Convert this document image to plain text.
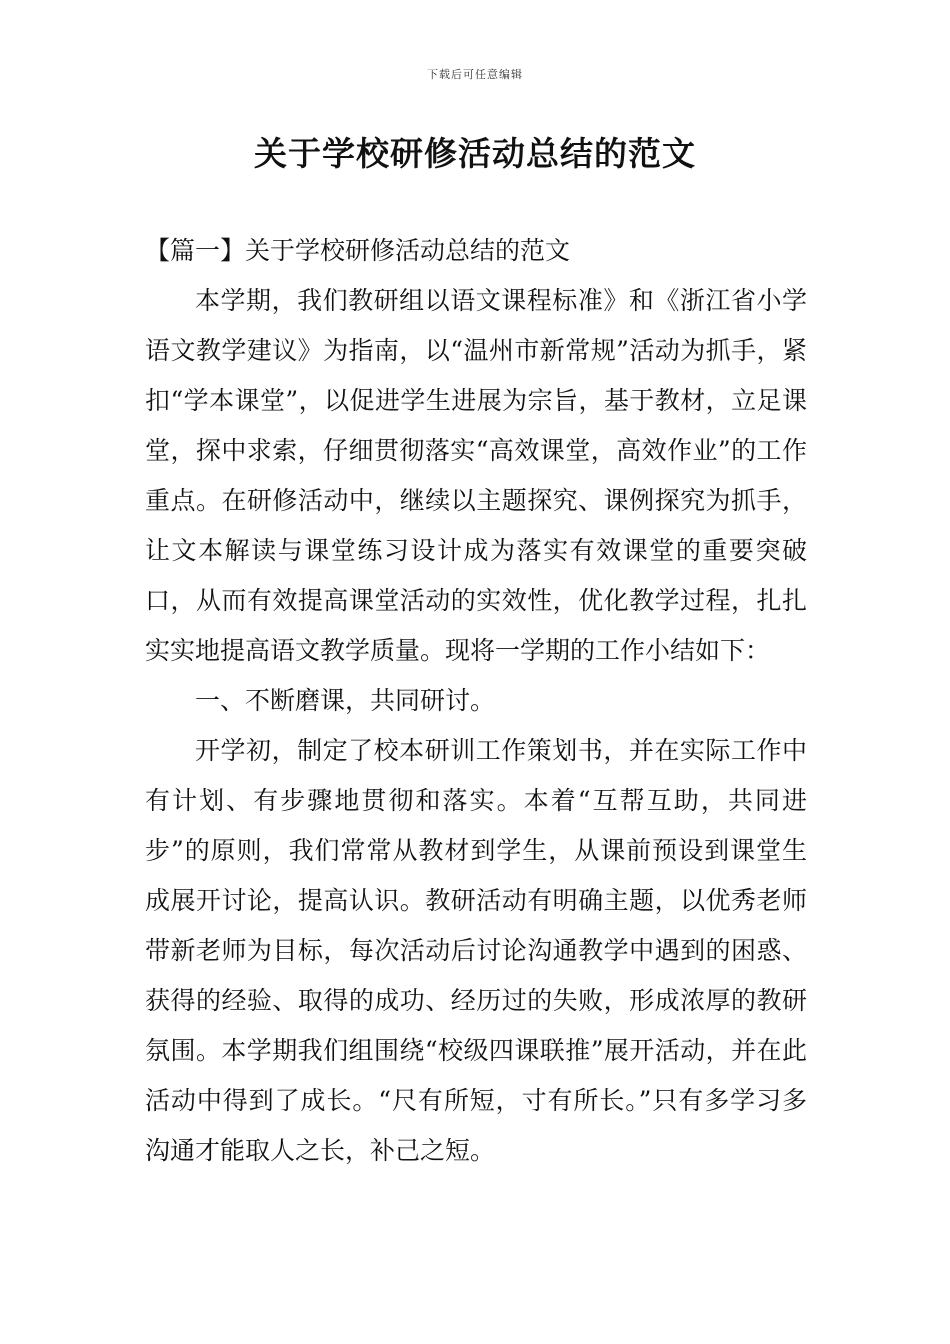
下载后可任意编辑
关于学校研修活动总结的范文

【篇一】关于学校研修活动总结的范文

本学期，我们教研组以语文课程标准》和《浙江省小学语文教学建议》为指南，以“温州市新常规”活动为抓手，紧扣“学本课堂”，以促进学生进展为宗旨，基于教材，立足课堂，探中求索，仔细贯彻落实“高效课堂，高效作业”的工作重点。在研修活动中，继续以主题探究、课例探究为抓手，让文本解读与课堂练习设计成为落实有效课堂的重要突破口，从而有效提高课堂活动的实效性，优化教学过程，扎扎实实地提高语文教学质量。现将一学期的工作小结如下：

一、不断磨课，共同研讨。

开学初，制定了校本研训工作策划书，并在实际工作中有计划、有步骤地贯彻和落实。本着“互帮互助，共同进步”的原则，我们常常从教材到学生，从课前预设到课堂生成展开讨论，提高认识。教研活动有明确主题，以优秀老师带新老师为目标，每次活动后讨论沟通教学中遇到的困惑、获得的经验、取得的成功、经历过的失败，形成浓厚的教研氛围。本学期我们组围绕“校级四课联推”展开活动，并在此活动中得到了成长。“尺有所短，寸有所长。”只有多学习多沟通才能取人之长，补己之短。
